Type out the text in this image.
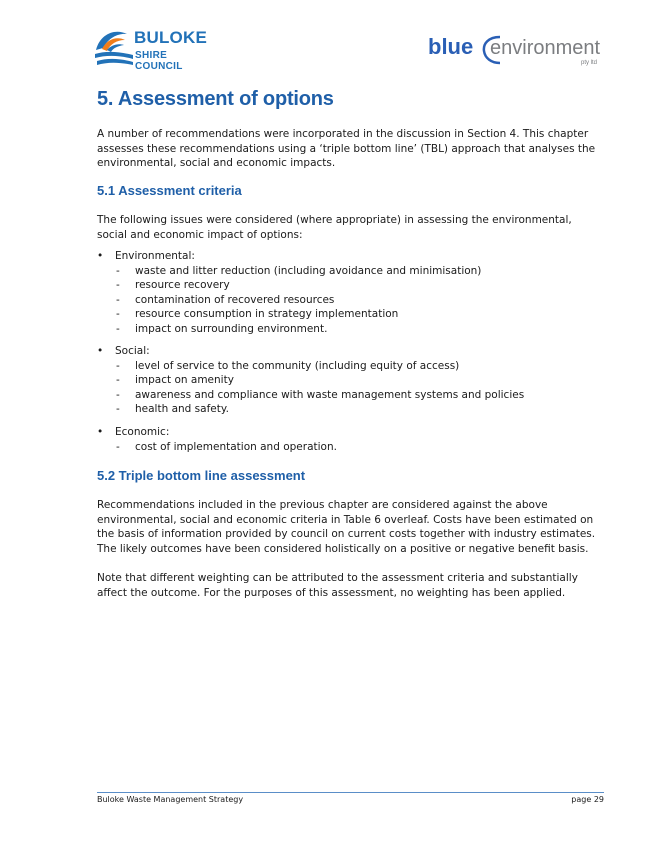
BULOKE
SHIRE COUNCIL
blue environment
pty ltd
5. Assessment of options

A number of recommendations were incorporated in the discussion in Section 4. This chapter assesses these recommendations using a ‘triple bottom line’ (TBL) approach that analyses the environmental, social and economic impacts.

5.1 Assessment criteria

The following issues were considered (where appropriate) in assessing the environmental, social and economic impact of options:

• Environmental:
- waste and litter reduction (including avoidance and minimisation)
- resource recovery
- contamination of recovered resources
- resource consumption in strategy implementation
- impact on surrounding environment.
• Social:
- level of service to the community (including equity of access)
- impact on amenity
- awareness and compliance with waste management systems and policies
- health and safety.
• Economic:
- cost of implementation and operation.
5.2 Triple bottom line assessment

Recommendations included in the previous chapter are considered against the above environmental, social and economic criteria in Table 6 overleaf. Costs have been estimated on the basis of information provided by council on current costs together with industry estimates. The likely outcomes have been considered holistically on a positive or negative benefit basis.

Note that different weighting can be attributed to the assessment criteria and substantially affect the outcome. For the purposes of this assessment, no weighting has been applied.

Buloke Waste Management Strategy	page 29
